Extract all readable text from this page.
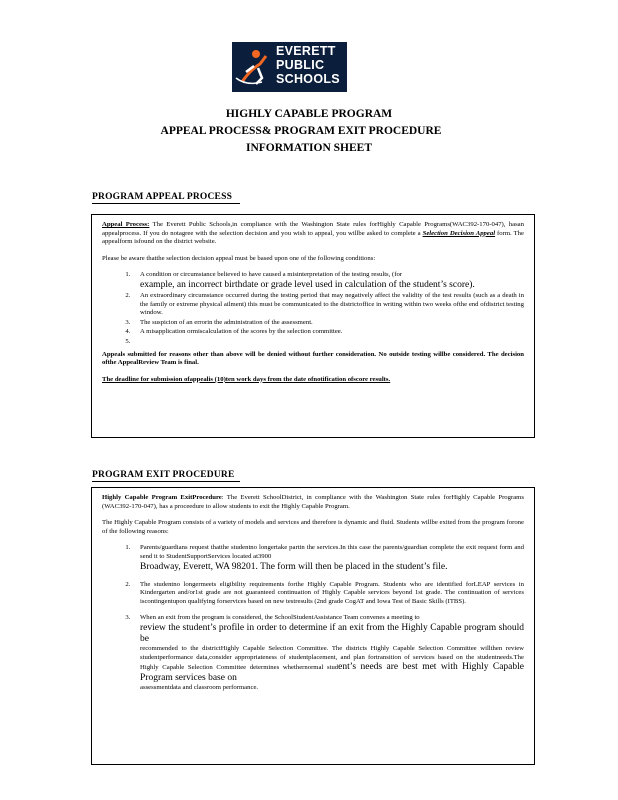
EVERETT
PUBLIC
SCHOOLS
HIGHLY CAPABLE PROGRAM
APPEAL PROCESS& PROGRAM EXIT PROCEDURE
INFORMATION SHEET
PROGRAM APPEAL PROCESS

Appeal Process: The Everett Public Schools,in compliance with the Washington State rules forHighly Capable Programs(WAC392-170-047), hasan appealprocess. If you do notagree with the selection decision and you wish to appeal, you willbe asked to complete a Selection Decision Appeal form. The appealform isfound on the district website.

Please be aware thatthe selection decision appeal must be based upon one of the following conditions:

1. A condition or circumstance believed to have caused a misinterpretation of the testing results, (for
example, an incorrect birthdate or grade level used in calculation of the student’s score).
2. An extraordinary circumstance occurred during the testing period that may negatively affect the validity of the test results (such as a death in the family or extreme physical ailment) this must be communicated to the districtoffice in writing within two weeks ofthe end ofdistrict testing window.
3. The suspicion of an errorin the administration of the assessment.
4. A misapplication ormiscalculation of the scores by the selection committee.
5.

Appeals submitted for reasons other than above will be denied without further consideration. No outside testing willbe considered. The decision ofthe AppealReview Team is final.

The deadline for submission ofappealis (10)ten work days from the date ofnotification ofscore results.

PROGRAM EXIT PROCEDURE

Highly Capable Program ExitProcedure: The Everett SchoolDistrict, in compliance with the Washington State rules forHighly Capable Programs (WAC392-170-047), has a proceedure to allow students to exit the Highly Capable Program.

The Highly Capable Program consists of a variety of models and services and therefore is dynamic and fluid. Students willbe exited from the program forone of the following reasons:

1. Parents/guardians request thatthe studentno longertake partin the services.In this case the parents/guardian complete the exit request form and send it to StudentSupportServices located at3900
Broadway, Everett, WA 98201. The form will then be placed in the student’s file.
2. The studentno longermeets eligibility requirements forthe Highly Capable Program. Students who are identified forLEAP services in Kindergarten and/or1st grade are not guaranteed continuation of Highly Capable services beyond 1st grade. The continuation of services iscontingentupon qualifying forservices based on new testresults (2nd grade CogAT and Iowa Test of Basic Skills (ITBS).
3. When an exit from the program is considered, the SchoolStudentAssistance Team convenes a meeting to
review the student’s profile in order to determine if an exit from the Highly Capable program should be
recommended to the districtHighly Capable Selection Committee. The districts Highly Capable Selection Committee willthen review studentperformance data,consider appropriateness of studentplacement, and plan fortransition of services based on the studentneeds.The Highly Capable Selection Committee determines whethernormal student’s needs are best met with Highly Capable Program services base on
assessmentdata and classroom performance.
